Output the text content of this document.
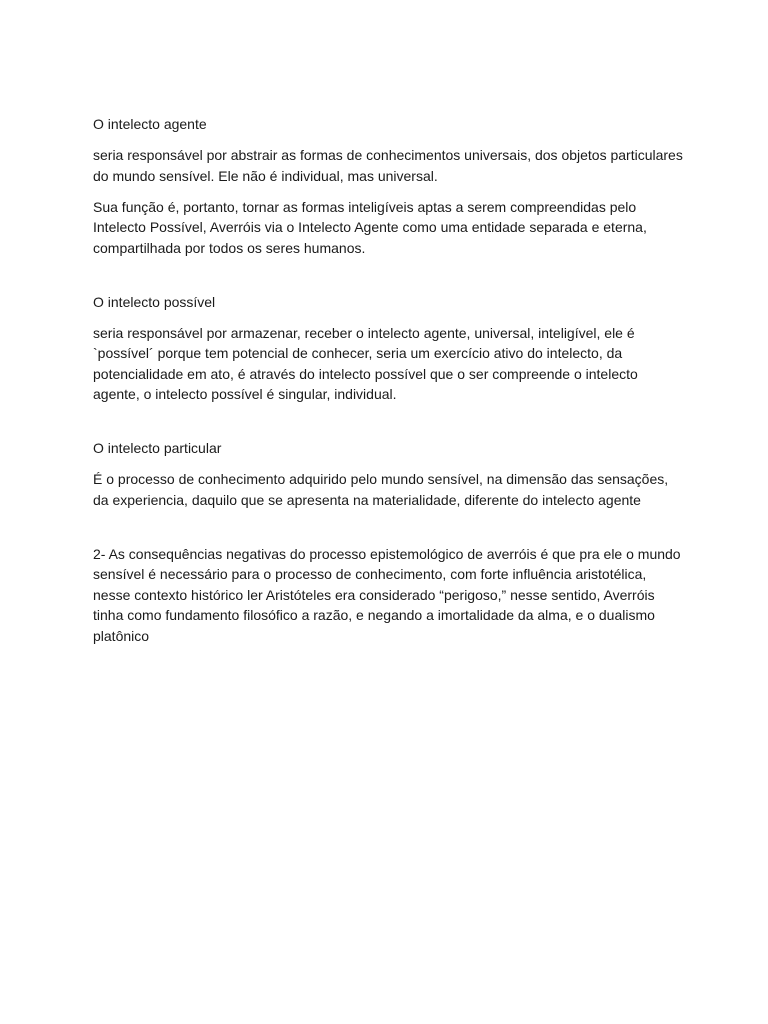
O intelecto agente

seria responsável por abstrair as formas de conhecimentos universais, dos objetos particulares do mundo sensível. Ele não é individual, mas universal.

Sua função é, portanto, tornar as formas inteligíveis aptas a serem compreendidas pelo Intelecto Possível, Averróis via o Intelecto Agente como uma entidade separada e eterna, compartilhada por todos os seres humanos.

O intelecto possível

seria responsável por armazenar, receber o intelecto agente, universal, inteligível, ele é `possível´ porque tem potencial de conhecer, seria um exercício ativo do intelecto, da potencialidade em ato, é através do intelecto possível que o ser compreende o intelecto agente, o intelecto possível é singular, individual.

O intelecto particular

É o processo de conhecimento adquirido pelo mundo sensível, na dimensão das sensações, da experiencia, daquilo que se apresenta na materialidade, diferente do intelecto agente

2- As consequências negativas do processo epistemológico de averróis é que pra ele o mundo sensível é necessário para o processo de conhecimento, com forte influência aristotélica, nesse contexto histórico ler Aristóteles era considerado “perigoso,” nesse sentido, Averróis tinha como fundamento filosófico a razão, e negando a imortalidade da alma, e o dualismo platônico
